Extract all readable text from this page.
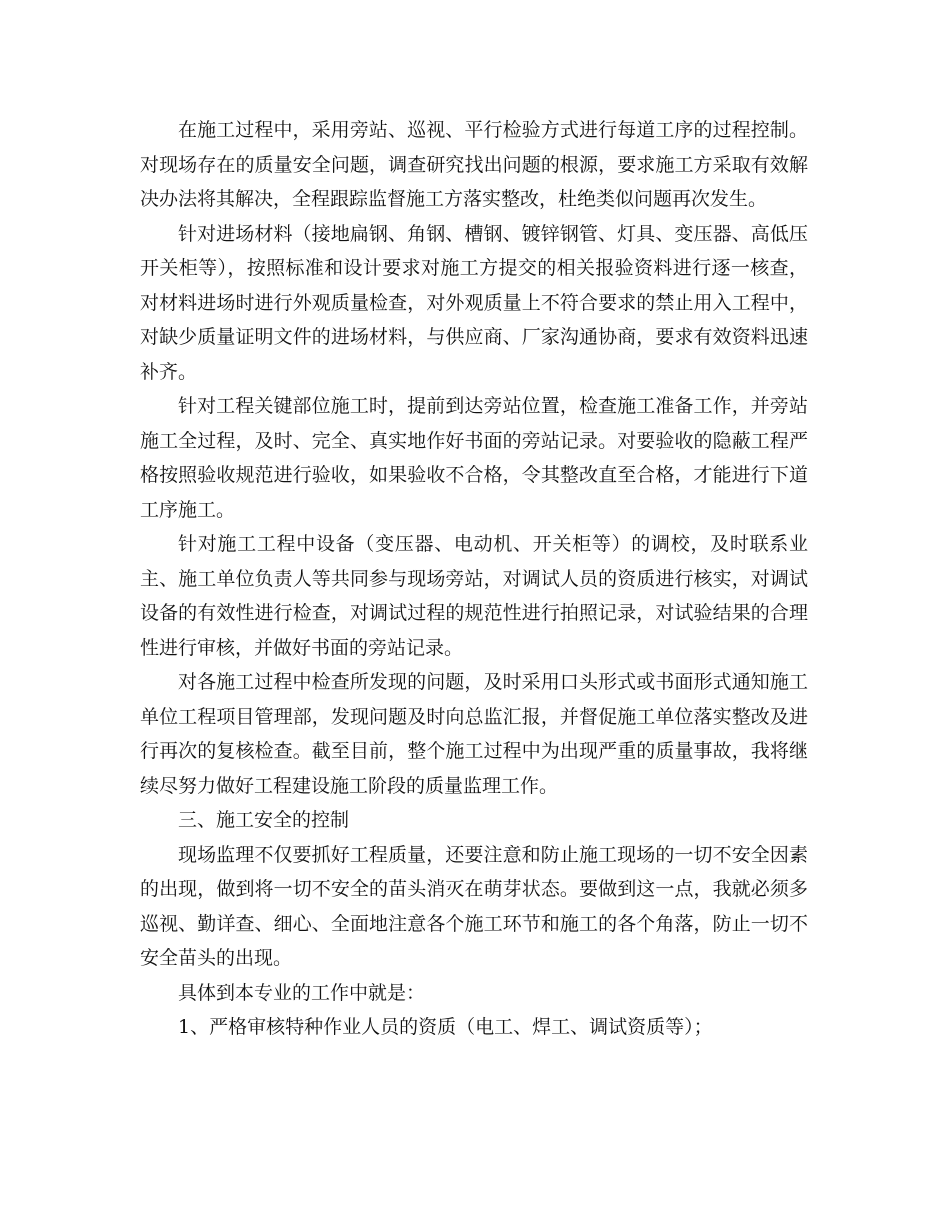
在施工过程中，采用旁站、巡视、平行检验方式进行每道工序的过程控制。对现场存在的质量安全问题，调查研究找出问题的根源，要求施工方采取有效解决办法将其解决，全程跟踪监督施工方落实整改，杜绝类似问题再次发生。

针对进场材料（接地扁钢、角钢、槽钢、镀锌钢管、灯具、变压器、高低压开关柜等），按照标准和设计要求对施工方提交的相关报验资料进行逐一核查，对材料进场时进行外观质量检查，对外观质量上不符合要求的禁止用入工程中，对缺少质量证明文件的进场材料，与供应商、厂家沟通协商，要求有效资料迅速补齐。

针对工程关键部位施工时，提前到达旁站位置，检查施工准备工作，并旁站施工全过程，及时、完全、真实地作好书面的旁站记录。对要验收的隐蔽工程严格按照验收规范进行验收，如果验收不合格，令其整改直至合格，才能进行下道工序施工。

针对施工工程中设备（变压器、电动机、开关柜等）的调校，及时联系业主、施工单位负责人等共同参与现场旁站，对调试人员的资质进行核实，对调试设备的有效性进行检查，对调试过程的规范性进行拍照记录，对试验结果的合理性进行审核，并做好书面的旁站记录。

对各施工过程中检查所发现的问题，及时采用口头形式或书面形式通知施工单位工程项目管理部，发现问题及时向总监汇报，并督促施工单位落实整改及进行再次的复核检查。截至目前，整个施工过程中为出现严重的质量事故，我将继续尽努力做好工程建设施工阶段的质量监理工作。

三、施工安全的控制

现场监理不仅要抓好工程质量，还要注意和防止施工现场的一切不安全因素的出现，做到将一切不安全的苗头消灭在萌芽状态。要做到这一点，我就必须多巡视、勤详查、细心、全面地注意各个施工环节和施工的各个角落，防止一切不安全苗头的出现。

具体到本专业的工作中就是：

1、严格审核特种作业人员的资质（电工、焊工、调试资质等）；
